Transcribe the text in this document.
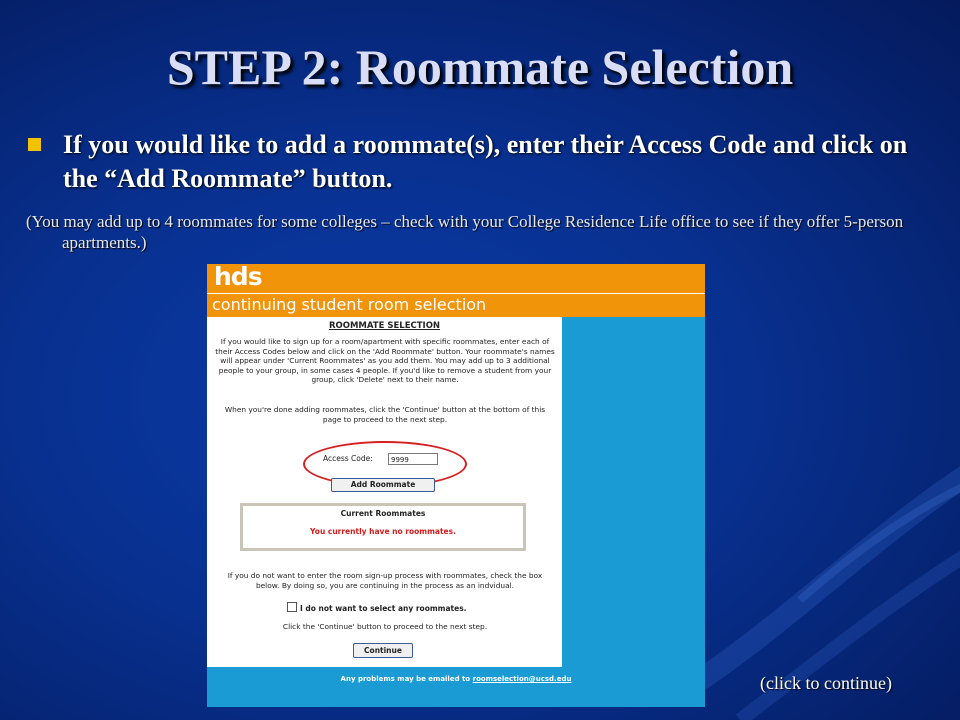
STEP 2: Roommate Selection
If you would like to add a roommate(s), enter their Access Code and click on the “Add Roommate” button.
(You may add up to 4 roommates for some colleges – check with your College Residence Life office to see if they offer 5-person apartments.)
hds
continuing student room selection
ROOMMATE SELECTION
If you would like to sign up for a room/apartment with specific roommates, enter each of their Access Codes below and click on the 'Add Roommate' button. Your roommate's names will appear under 'Current Roommates' as you add them. You may add up to 3 additional people to your group, in some cases 4 people. If you'd like to remove a student from your group, click 'Delete' next to their name.
When you're done adding roommates, click the 'Continue' button at the bottom of this page to proceed to the next step.
Access Code:	9999
Add Roommate
Current Roommates
You currently have no roommates.
If you do not want to enter the room sign-up process with roommates, check the box below. By doing so, you are continuing in the process as an indvidual.
I do not want to select any roommates.
Click the 'Continue' button to proceed to the next step.
Continue
Any problems may be emailed to roomselection@ucsd.edu	(click to continue)
